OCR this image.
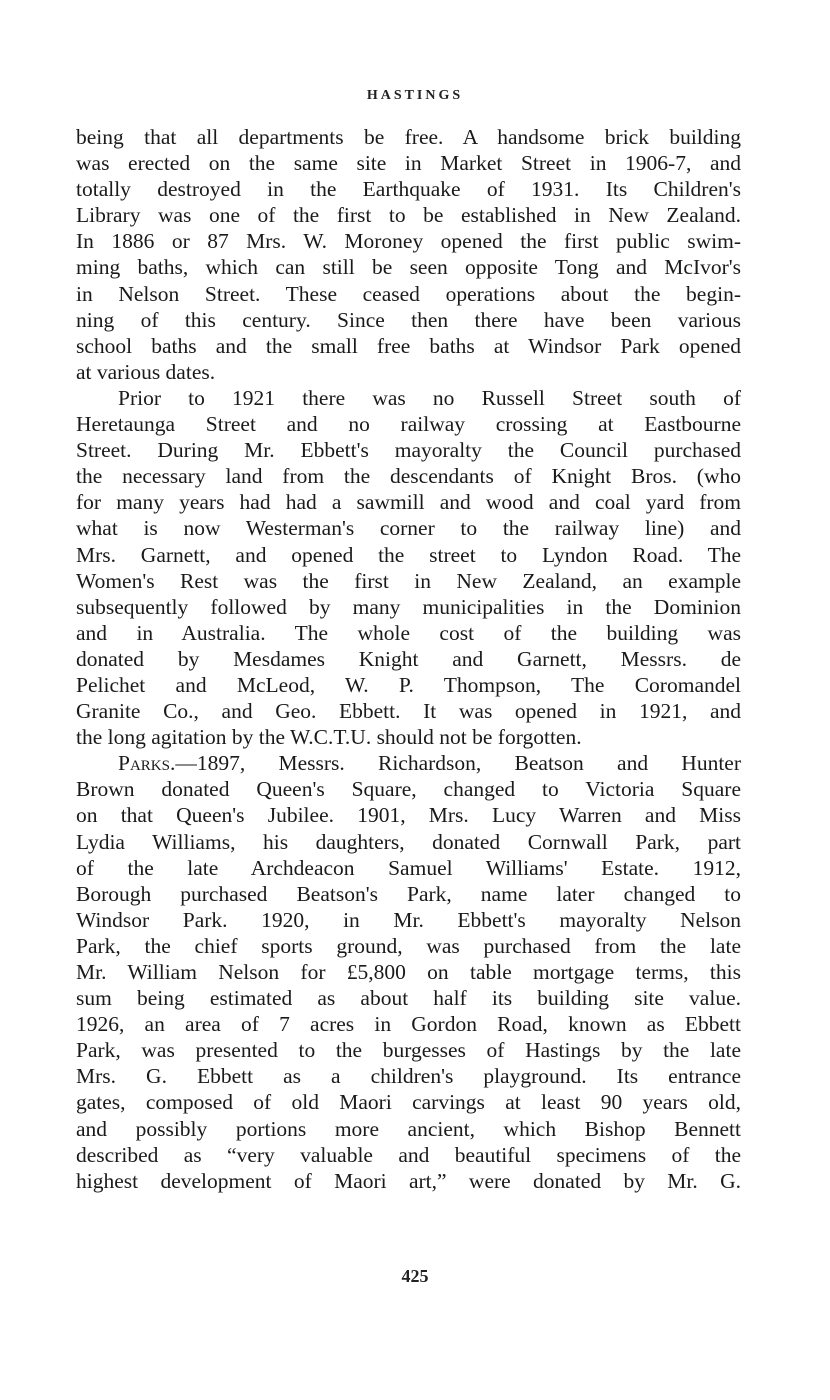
HASTINGS
being that all departments be free. A handsome brick building
was erected on the same site in Market Street in 1906-7, and
totally destroyed in the Earthquake of 1931. Its Children's
Library was one of the first to be established in New Zealand.
In 1886 or 87 Mrs. W. Moroney opened the first public swim-
ming baths, which can still be seen opposite Tong and McIvor's
in Nelson Street. These ceased operations about the begin-
ning of this century. Since then there have been various
school baths and the small free baths at Windsor Park opened
at various dates.
Prior to 1921 there was no Russell Street south of
Heretaunga Street and no railway crossing at Eastbourne
Street. During Mr. Ebbett's mayoralty the Council purchased
the necessary land from the descendants of Knight Bros. (who
for many years had had a sawmill and wood and coal yard from
what is now Westerman's corner to the railway line) and
Mrs. Garnett, and opened the street to Lyndon Road. The
Women's Rest was the first in New Zealand, an example
subsequently followed by many municipalities in the Dominion
and in Australia. The whole cost of the building was
donated by Mesdames Knight and Garnett, Messrs. de
Pelichet and McLeod, W. P. Thompson, The Coromandel
Granite Co., and Geo. Ebbett. It was opened in 1921, and
the long agitation by the W.C.T.U. should not be forgotten.
Parks.—1897, Messrs. Richardson, Beatson and Hunter
Brown donated Queen's Square, changed to Victoria Square
on that Queen's Jubilee. 1901, Mrs. Lucy Warren and Miss
Lydia Williams, his daughters, donated Cornwall Park, part
of the late Archdeacon Samuel Williams' Estate. 1912,
Borough purchased Beatson's Park, name later changed to
Windsor Park. 1920, in Mr. Ebbett's mayoralty Nelson
Park, the chief sports ground, was purchased from the late
Mr. William Nelson for £5,800 on table mortgage terms, this
sum being estimated as about half its building site value.
1926, an area of 7 acres in Gordon Road, known as Ebbett
Park, was presented to the burgesses of Hastings by the late
Mrs. G. Ebbett as a children's playground. Its entrance
gates, composed of old Maori carvings at least 90 years old,
and possibly portions more ancient, which Bishop Bennett
described as “very valuable and beautiful specimens of the
highest development of Maori art,” were donated by Mr. G.
425
